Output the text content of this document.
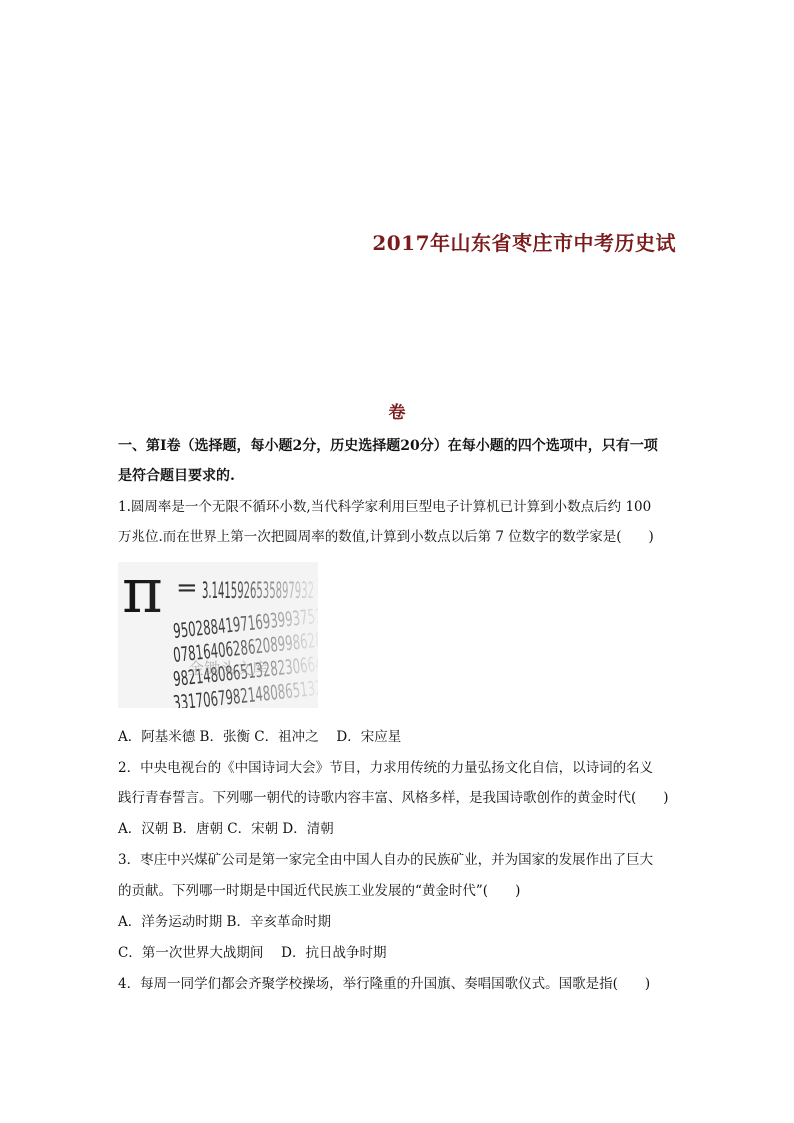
2017年山东省枣庄市中考历史试
卷
一、第Ⅰ卷（选择题，每小题2分，历史选择题20分）在每小题的四个选项中，只有一项
是符合题目要求的.
1.圆周率是一个无限不循环小数,当代科学家利用巨型电子计算机已计算到小数点后约 100
万兆位.而在世界上第一次把圆周率的数值,计算到小数点以后第 7 位数字的数学家是(　　)
金锄头文库
A．阿基米德 B．张衡 C．祖冲之　 D．宋应星
2．中央电视台的《中国诗词大会》节目，力求用传统的力量弘扬文化自信，以诗词的名义
践行青春誓言。下列哪一朝代的诗歌内容丰富、风格多样，是我国诗歌创作的黄金时代(　　)
A．汉朝 B．唐朝 C．宋朝 D．清朝
3．枣庄中兴煤矿公司是第一家完全由中国人自办的民族矿业，并为国家的发展作出了巨大
的贡献。下列哪一时期是中国近代民族工业发展的“黄金时代”(　　)
A．洋务运动时期 B．辛亥革命时期
C．第一次世界大战期间　 D．抗日战争时期
4．每周一同学们都会齐聚学校操场，举行隆重的升国旗、奏唱国歌仪式。国歌是指(　　)
